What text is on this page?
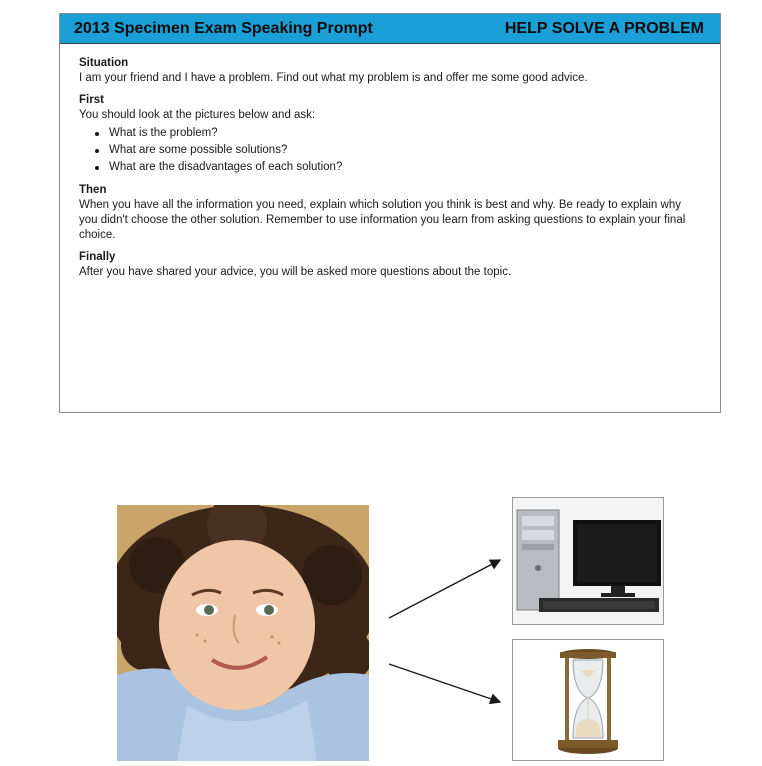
2013 Specimen Exam Speaking Prompt	HELP SOLVE A PROBLEM
Situation

I am your friend and I have a problem. Find out what my problem is and offer me some good advice.

First

You should look at the pictures below and ask:

What is the problem?
What are some possible solutions?
What are the disadvantages of each solution?
Then

When you have all the information you need, explain which solution you think is best and why. Be ready to explain why you didn't choose the other solution. Remember to use information you learn from asking questions to explain your final choice.

Finally

After you have shared your advice, you will be asked more questions about the topic.
